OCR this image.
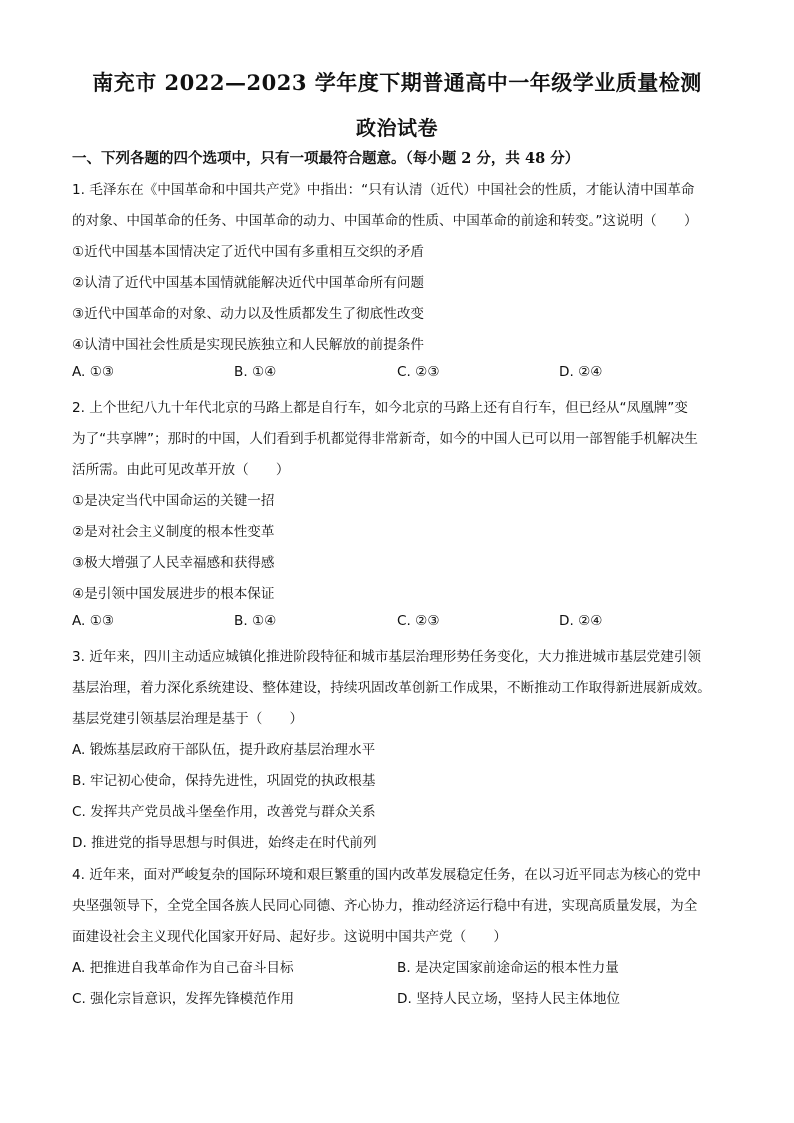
南充市 2022—2023 学年度下期普通高中一年级学业质量检测
政治试卷
一、下列各题的四个选项中，只有一项最符合题意。（每小题 2 分，共 48 分）
1. 毛泽东在《中国革命和中国共产党》中指出：“只有认清（近代）中国社会的性质，才能认清中国革命
的对象、中国革命的任务、中国革命的动力、中国革命的性质、中国革命的前途和转变。”这说明（　　）
①近代中国基本国情决定了近代中国有多重相互交织的矛盾
②认清了近代中国基本国情就能解决近代中国革命所有问题
③近代中国革命的对象、动力以及性质都发生了彻底性改变
④认清中国社会性质是实现民族独立和人民解放的前提条件
A. ①③	B. ①④	C. ②③	D. ②④
2. 上个世纪八九十年代北京的马路上都是自行车，如今北京的马路上还有自行车，但已经从“凤凰牌”变
为了“共享牌”；那时的中国，人们看到手机都觉得非常新奇，如今的中国人已可以用一部智能手机解决生
活所需。由此可见改革开放（　　）
①是决定当代中国命运的关键一招
②是对社会主义制度的根本性变革
③极大增强了人民幸福感和获得感
④是引领中国发展进步的根本保证
A. ①③	B. ①④	C. ②③	D. ②④
3. 近年来，四川主动适应城镇化推进阶段特征和城市基层治理形势任务变化，大力推进城市基层党建引领
基层治理，着力深化系统建设、整体建设，持续巩固改革创新工作成果，不断推动工作取得新进展新成效。
基层党建引领基层治理是基于（　　）
A. 锻炼基层政府干部队伍，提升政府基层治理水平
B. 牢记初心使命，保持先进性，巩固党的执政根基
C. 发挥共产党员战斗堡垒作用，改善党与群众关系
D. 推进党的指导思想与时俱进，始终走在时代前列
4. 近年来，面对严峻复杂的国际环境和艰巨繁重的国内改革发展稳定任务，在以习近平同志为核心的党中
央坚强领导下，全党全国各族人民同心同德、齐心协力，推动经济运行稳中有进，实现高质量发展，为全
面建设社会主义现代化国家开好局、起好步。这说明中国共产党（　　）
A. 把推进自我革命作为自己奋斗目标	B. 是决定国家前途命运的根本性力量
C. 强化宗旨意识，发挥先锋模范作用	D. 坚持人民立场，坚持人民主体地位
